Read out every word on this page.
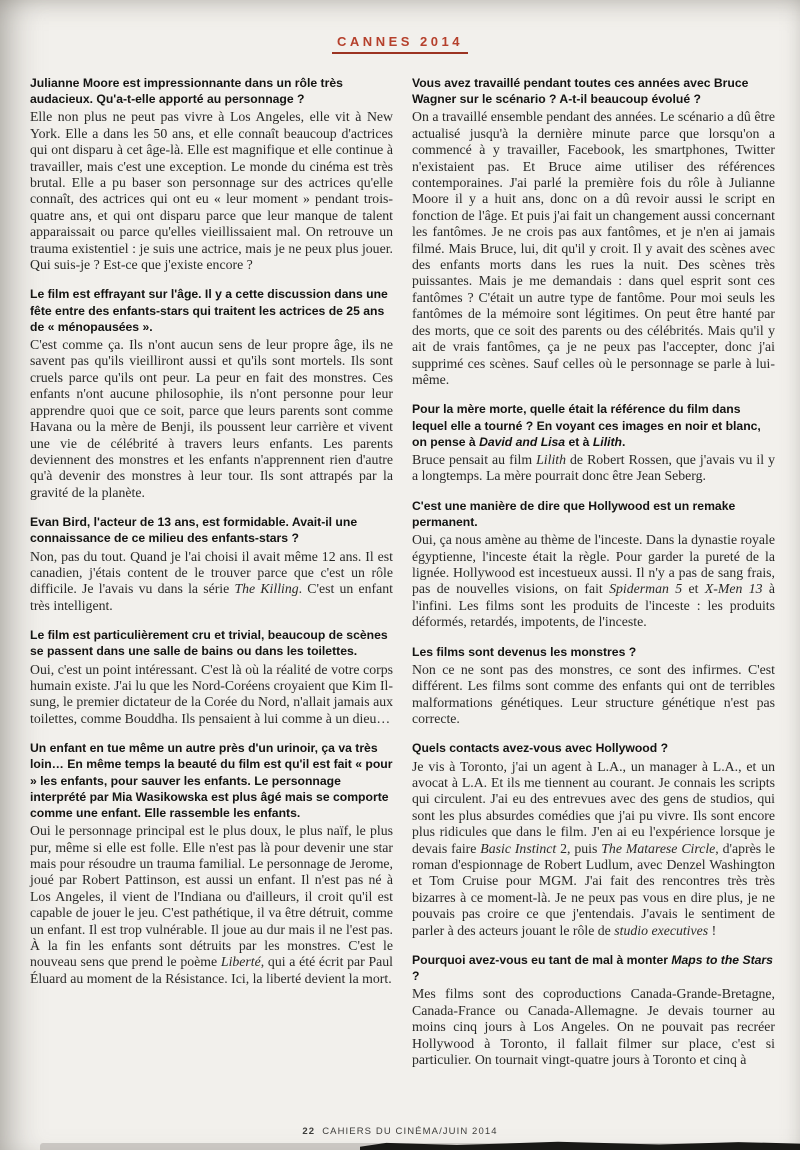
CANNES 2014

Julianne Moore est impressionnante dans un rôle très audacieux. Qu'a-t-elle apporté au personnage ?

Elle non plus ne peut pas vivre à Los Angeles, elle vit à New York. Elle a dans les 50 ans, et elle connaît beaucoup d'actrices qui ont disparu à cet âge-là. Elle est magnifique et elle continue à travailler, mais c'est une exception. Le monde du cinéma est très brutal. Elle a pu baser son personnage sur des actrices qu'elle connaît, des actrices qui ont eu « leur moment » pendant trois-quatre ans, et qui ont disparu parce que leur manque de talent apparaissait ou parce qu'elles vieillissaient mal. On retrouve un trauma existentiel : je suis une actrice, mais je ne peux plus jouer. Qui suis-je ? Est-ce que j'existe encore ?

Le film est effrayant sur l'âge. Il y a cette discussion dans une fête entre des enfants-stars qui traitent les actrices de 25 ans de « ménopausées ».

C'est comme ça. Ils n'ont aucun sens de leur propre âge, ils ne savent pas qu'ils vieilliront aussi et qu'ils sont mortels. Ils sont cruels parce qu'ils ont peur. La peur en fait des monstres. Ces enfants n'ont aucune philosophie, ils n'ont personne pour leur apprendre quoi que ce soit, parce que leurs parents sont comme Havana ou la mère de Benji, ils poussent leur carrière et vivent une vie de célébrité à travers leurs enfants. Les parents deviennent des monstres et les enfants n'apprennent rien d'autre qu'à devenir des monstres à leur tour. Ils sont attrapés par la gravité de la planète.

Evan Bird, l'acteur de 13 ans, est formidable. Avait-il une connaissance de ce milieu des enfants-stars ?

Non, pas du tout. Quand je l'ai choisi il avait même 12 ans. Il est canadien, j'étais content de le trouver parce que c'est un rôle difficile. Je l'avais vu dans la série The Killing. C'est un enfant très intelligent.

Le film est particulièrement cru et trivial, beaucoup de scènes se passent dans une salle de bains ou dans les toilettes.

Oui, c'est un point intéressant. C'est là où la réalité de votre corps humain existe. J'ai lu que les Nord-Coréens croyaient que Kim Il-sung, le premier dictateur de la Corée du Nord, n'allait jamais aux toilettes, comme Bouddha. Ils pensaient à lui comme à un dieu…

Un enfant en tue même un autre près d'un urinoir, ça va très loin… En même temps la beauté du film est qu'il est fait « pour » les enfants, pour sauver les enfants. Le personnage interprété par Mia Wasikowska est plus âgé mais se comporte comme une enfant. Elle rassemble les enfants.

Oui le personnage principal est le plus doux, le plus naïf, le plus pur, même si elle est folle. Elle n'est pas là pour devenir une star mais pour résoudre un trauma familial. Le personnage de Jerome, joué par Robert Pattinson, est aussi un enfant. Il n'est pas né à Los Angeles, il vient de l'Indiana ou d'ailleurs, il croit qu'il est capable de jouer le jeu. C'est pathétique, il va être détruit, comme un enfant. Il est trop vulnérable. Il joue au dur mais il ne l'est pas. À la fin les enfants sont détruits par les monstres. C'est le nouveau sens que prend le poème Liberté, qui a été écrit par Paul Éluard au moment de la Résistance. Ici, la liberté devient la mort.

Vous avez travaillé pendant toutes ces années avec Bruce Wagner sur le scénario ? A-t-il beaucoup évolué ?

On a travaillé ensemble pendant des années. Le scénario a dû être actualisé jusqu'à la dernière minute parce que lorsqu'on a commencé à y travailler, Facebook, les smartphones, Twitter n'existaient pas. Et Bruce aime utiliser des références contemporaines. J'ai parlé la première fois du rôle à Julianne Moore il y a huit ans, donc on a dû revoir aussi le script en fonction de l'âge. Et puis j'ai fait un changement aussi concernant les fantômes. Je ne crois pas aux fantômes, et je n'en ai jamais filmé. Mais Bruce, lui, dit qu'il y croit. Il y avait des scènes avec des enfants morts dans les rues la nuit. Des scènes très puissantes. Mais je me demandais : dans quel esprit sont ces fantômes ? C'était un autre type de fantôme. Pour moi seuls les fantômes de la mémoire sont légitimes. On peut être hanté par des morts, que ce soit des parents ou des célébrités. Mais qu'il y ait de vrais fantômes, ça je ne peux pas l'accepter, donc j'ai supprimé ces scènes. Sauf celles où le personnage se parle à lui-même.

Pour la mère morte, quelle était la référence du film dans lequel elle a tourné ? En voyant ces images en noir et blanc, on pense à David and Lisa et à Lilith.

Bruce pensait au film Lilith de Robert Rossen, que j'avais vu il y a longtemps. La mère pourrait donc être Jean Seberg.

C'est une manière de dire que Hollywood est un remake permanent.

Oui, ça nous amène au thème de l'inceste. Dans la dynastie royale égyptienne, l'inceste était la règle. Pour garder la pureté de la lignée. Hollywood est incestueux aussi. Il n'y a pas de sang frais, pas de nouvelles visions, on fait Spiderman 5 et X-Men 13 à l'infini. Les films sont les produits de l'inceste : les produits déformés, retardés, impotents, de l'inceste.

Les films sont devenus les monstres ?

Non ce ne sont pas des monstres, ce sont des infirmes. C'est différent. Les films sont comme des enfants qui ont de terribles malformations génétiques. Leur structure génétique n'est pas correcte.

Quels contacts avez-vous avec Hollywood ?

Je vis à Toronto, j'ai un agent à L.A., un manager à L.A., et un avocat à L.A. Et ils me tiennent au courant. Je connais les scripts qui circulent. J'ai eu des entrevues avec des gens de studios, qui sont les plus absurdes comédies que j'ai pu vivre. Ils sont encore plus ridicules que dans le film. J'en ai eu l'expérience lorsque je devais faire Basic Instinct 2, puis The Matarese Circle, d'après le roman d'espionnage de Robert Ludlum, avec Denzel Washington et Tom Cruise pour MGM. J'ai fait des rencontres très très bizarres à ce moment-là. Je ne peux pas vous en dire plus, je ne pouvais pas croire ce que j'entendais. J'avais le sentiment de parler à des acteurs jouant le rôle de studio executives !

Pourquoi avez-vous eu tant de mal à monter Maps to the Stars ?

Mes films sont des coproductions Canada-Grande-Bretagne, Canada-France ou Canada-Allemagne. Je devais tourner au moins cinq jours à Los Angeles. On ne pouvait pas recréer Hollywood à Toronto, il fallait filmer sur place, c'est si particulier. On tournait vingt-quatre jours à Toronto et cinq à

22 CAHIERS DU CINÉMA/JUIN 2014
